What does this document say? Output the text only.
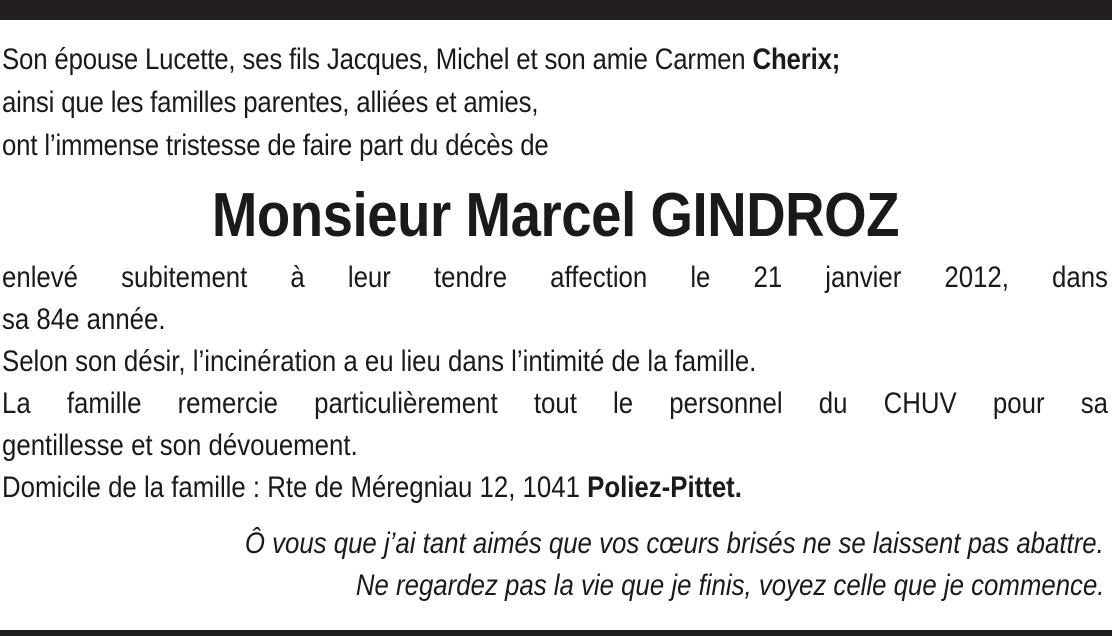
Son épouse Lucette, ses fils Jacques, Michel et son amie Carmen Cherix;
ainsi que les familles parentes, alliées et amies,
ont l’immense tristesse de faire part du décès de
Monsieur Marcel GINDROZ
enlevé subitement à leur tendre affection le 21 janvier 2012, dans
sa 84e année.
Selon son désir, l’incinération a eu lieu dans l’intimité de la famille.
La famille remercie particulièrement tout le personnel du CHUV pour sa
gentillesse et son dévouement.
Domicile de la famille : Rte de Méregniau 12, 1041 Poliez-Pittet.
Ô vous que j’ai tant aimés que vos cœurs brisés ne se laissent pas abattre.
Ne regardez pas la vie que je finis, voyez celle que je commence.
